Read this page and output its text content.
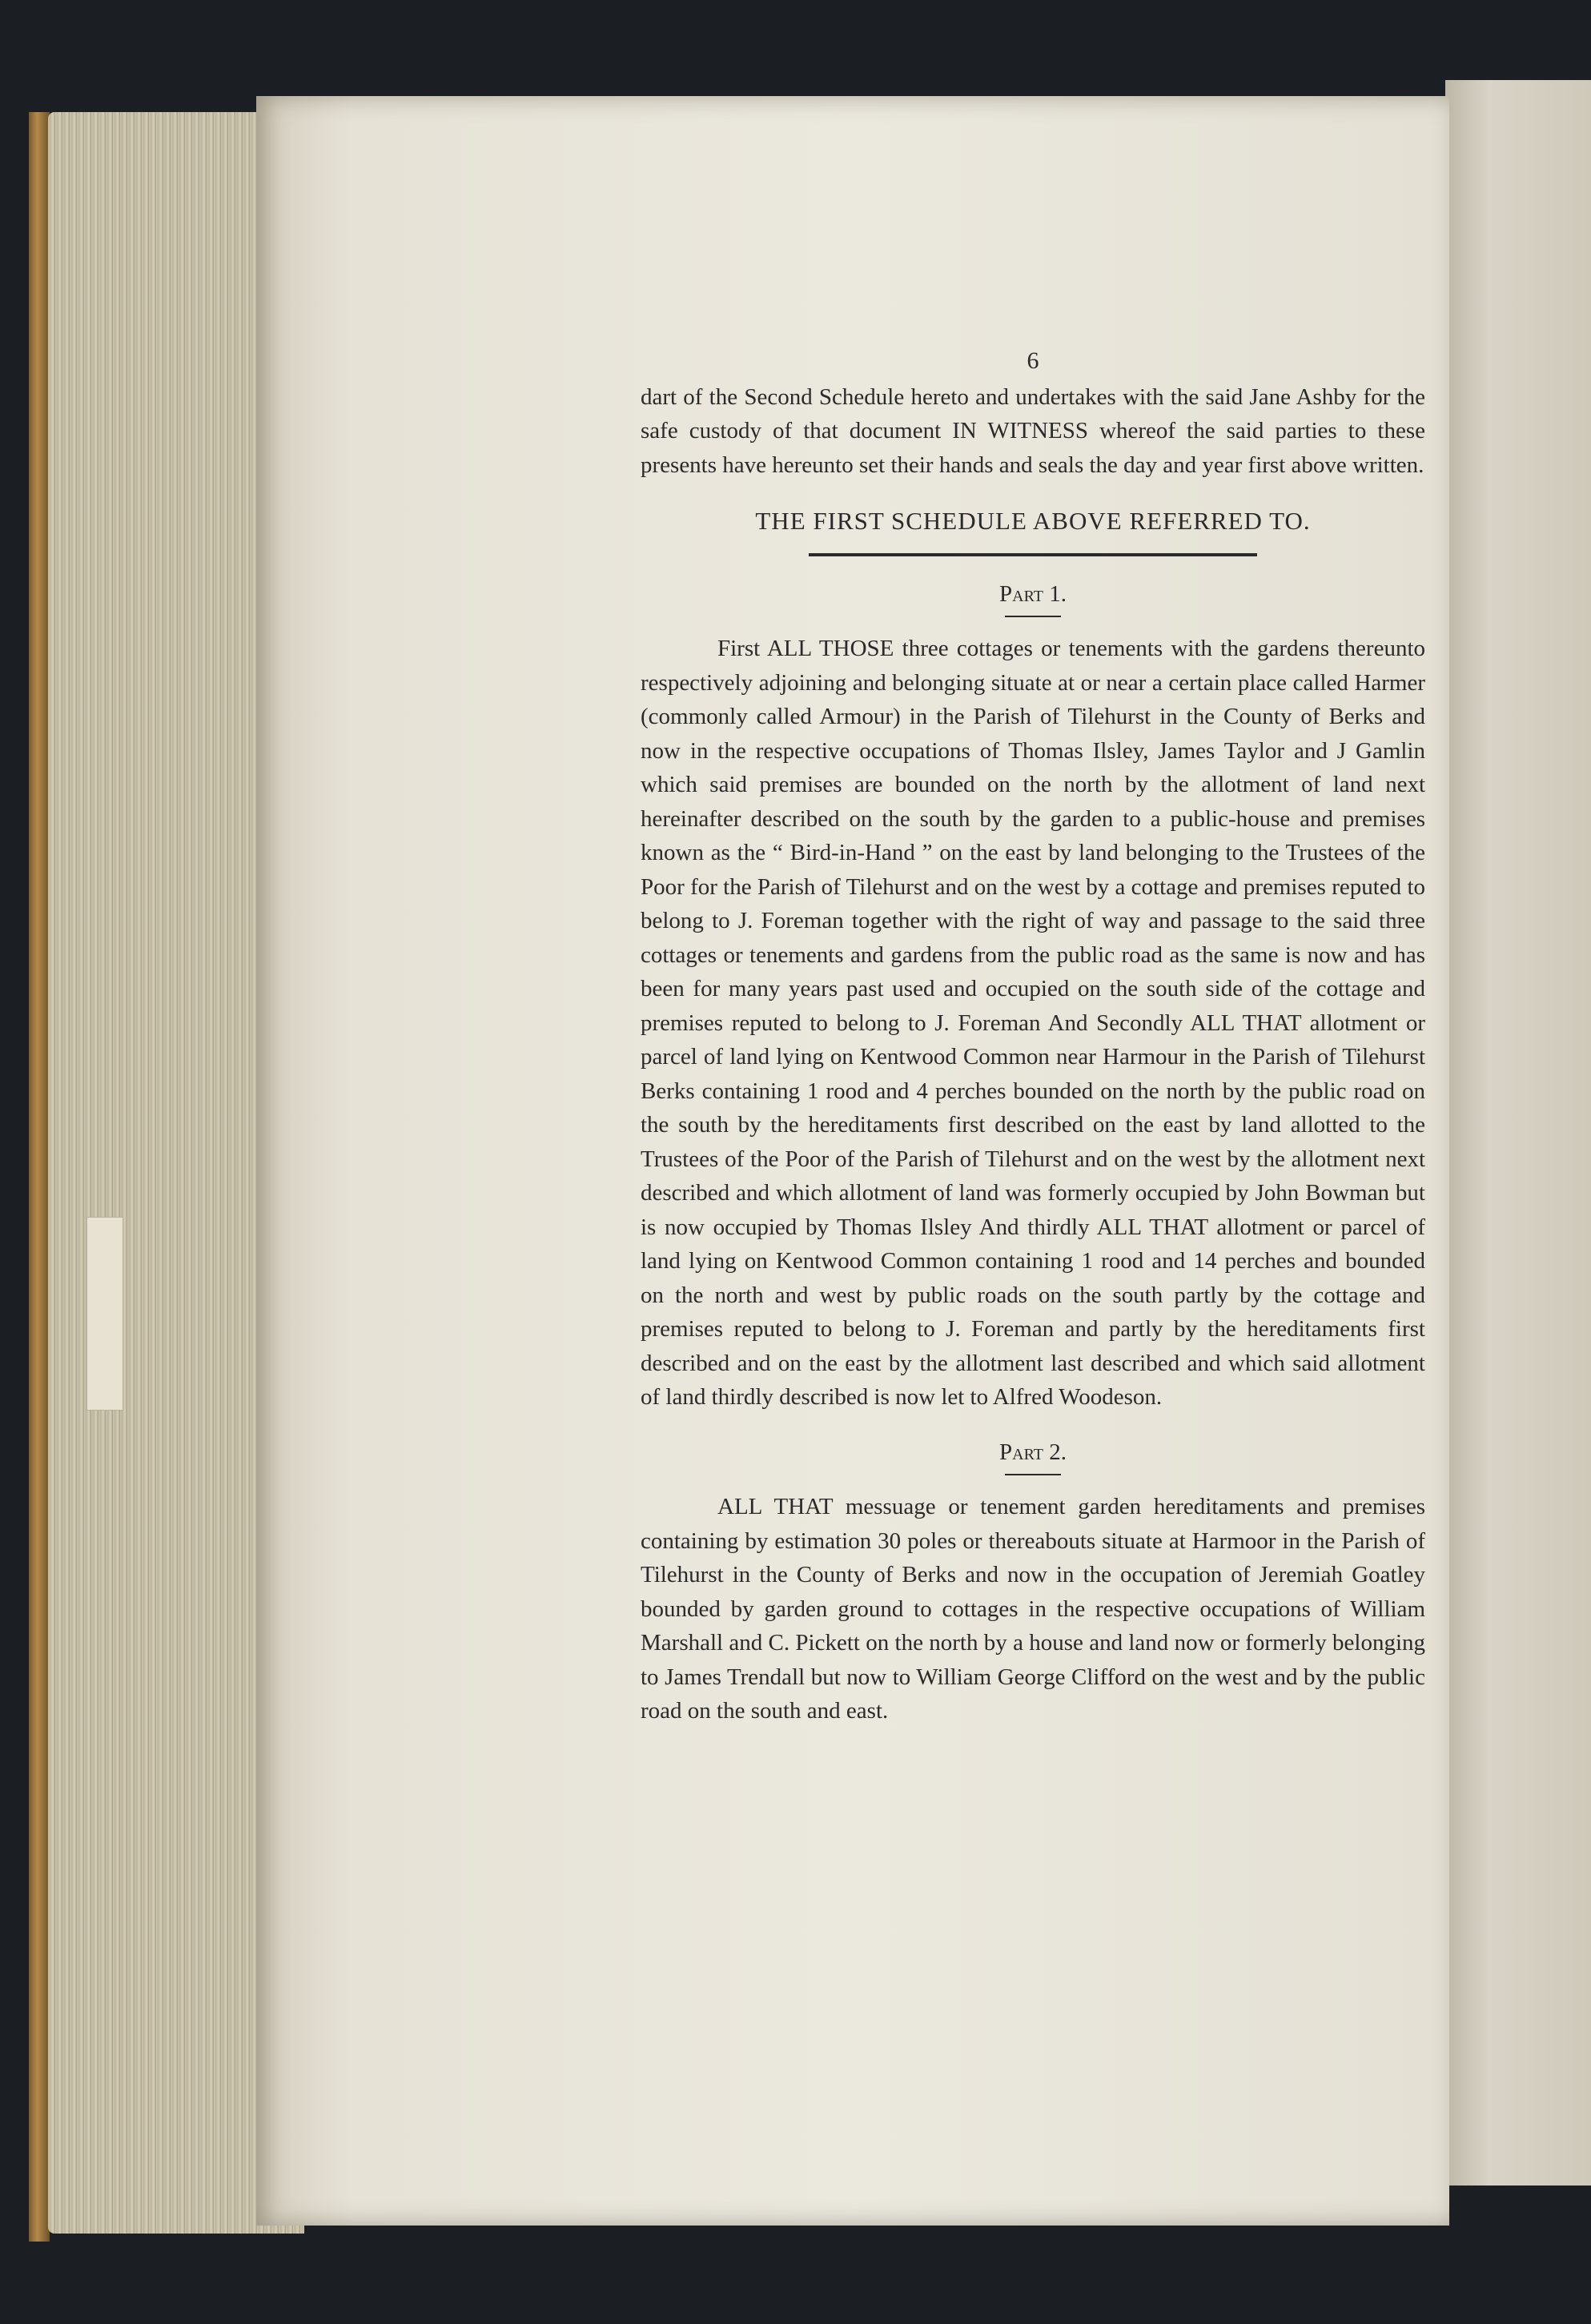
6

dart of the Second Schedule hereto and undertakes with the said Jane Ashby for the safe custody of that document IN WITNESS whereof the said parties to these presents have hereunto set their hands and seals the day and year first above written.

THE FIRST SCHEDULE ABOVE REFERRED TO.
Part 1.

First ALL THOSE three cottages or tenements with the gardens thereunto respectively adjoining and belonging situate at or near a certain place called Harmer (commonly called Armour) in the Parish of Tilehurst in the County of Berks and now in the respective occupations of Thomas Ilsley, James Taylor and J Gamlin which said premises are bounded on the north by the allotment of land next hereinafter described on the south by the garden to a public-house and premises known as the “ Bird-in-Hand ” on the east by land belonging to the Trustees of the Poor for the Parish of Tilehurst and on the west by a cottage and premises reputed to belong to J. Foreman together with the right of way and passage to the said three cottages or tenements and gardens from the public road as the same is now and has been for many years past used and occupied on the south side of the cottage and premises reputed to belong to J. Foreman And Secondly ALL THAT allotment or parcel of land lying on Kentwood Common near Harmour in the Parish of Tilehurst Berks containing 1 rood and 4 perches bounded on the north by the public road on the south by the hereditaments first described on the east by land allotted to the Trustees of the Poor of the Parish of Tilehurst and on the west by the allotment next described and which allotment of land was formerly occupied by John Bowman but is now occupied by Thomas Ilsley And thirdly ALL THAT allotment or parcel of land lying on Kentwood Common containing 1 rood and 14 perches and bounded on the north and west by public roads on the south partly by the cottage and premises reputed to belong to J. Foreman and partly by the hereditaments first described and on the east by the allotment last described and which said allotment of land thirdly described is now let to Alfred Woodeson.

Part 2.

ALL THAT messuage or tenement garden hereditaments and premises containing by estimation 30 poles or thereabouts situate at Harmoor in the Parish of Tilehurst in the County of Berks and now in the occupation of Jeremiah Goatley bounded by garden ground to cottages in the respective occupations of William Marshall and C. Pickett on the north by a house and land now or formerly belonging to James Trendall but now to William George Clifford on the west and by the public road on the south and east.
